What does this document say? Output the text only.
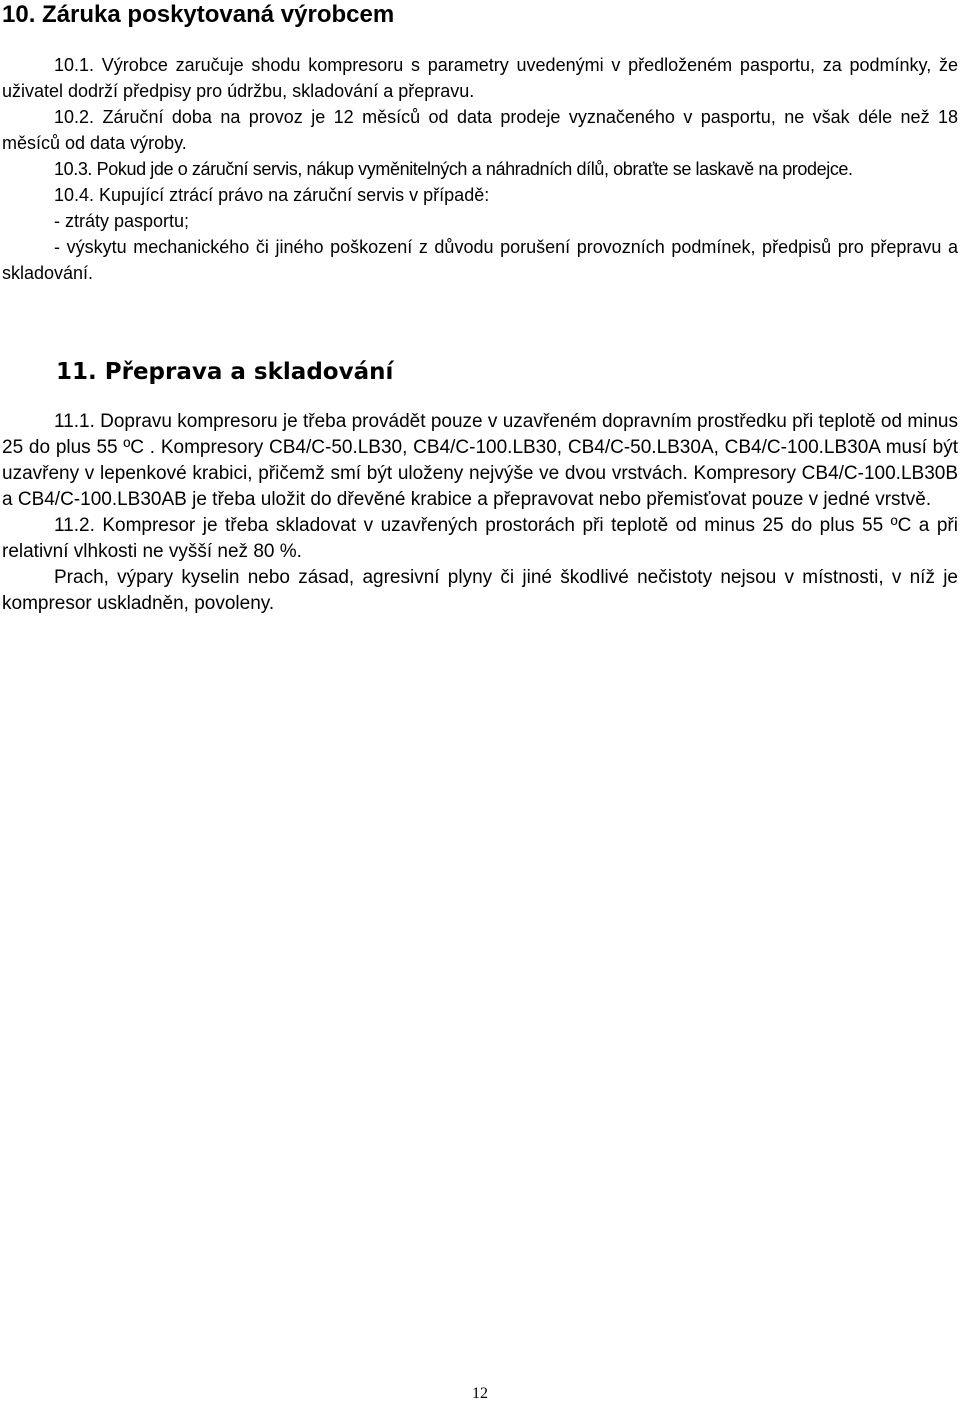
10. Záruka poskytovaná výrobcem

10.1. Výrobce zaručuje shodu kompresoru s parametry uvedenými v předloženém pasportu, za podmínky, že uživatel dodrží předpisy pro údržbu, skladování a přepravu.

10.2. Záruční doba na provoz je 12 měsíců od data prodeje vyznačeného v pasportu, ne však déle než 18 měsíců od data výroby.

10.3. Pokud jde o záruční servis, nákup vyměnitelných a náhradních dílů, obraťte se laskavě na prodejce.

10.4. Kupující ztrácí právo na záruční servis v případě:

- ztráty pasportu;

- výskytu mechanického či jiného poškození z důvodu porušení provozních podmínek, předpisů pro přepravu a skladování.

11. Přeprava a skladování

11.1. Dopravu kompresoru je třeba provádět pouze v uzavřeném dopravním prostředku při teplotě od minus 25 do plus 55 ºC . Kompresory CB4/C-50.LB30, CB4/C-100.LB30, CB4/C-50.LB30A, CB4/C-100.LB30A musí být uzavřeny v lepenkové krabici, přičemž smí být uloženy nejvýše ve dvou vrstvách. Kompresory CB4/C-100.LB30B a CB4/C-100.LB30AB je třeba uložit do dřevěné krabice a přepravovat nebo přemisťovat pouze v jedné vrstvě.

11.2. Kompresor je třeba skladovat v uzavřených prostorách při teplotě od minus 25 do plus 55 ºC a při relativní vlhkosti ne vyšší než 80 %.

Prach, výpary kyselin nebo zásad, agresivní plyny či jiné škodlivé nečistoty nejsou v místnosti, v níž je kompresor uskladněn, povoleny.

12
